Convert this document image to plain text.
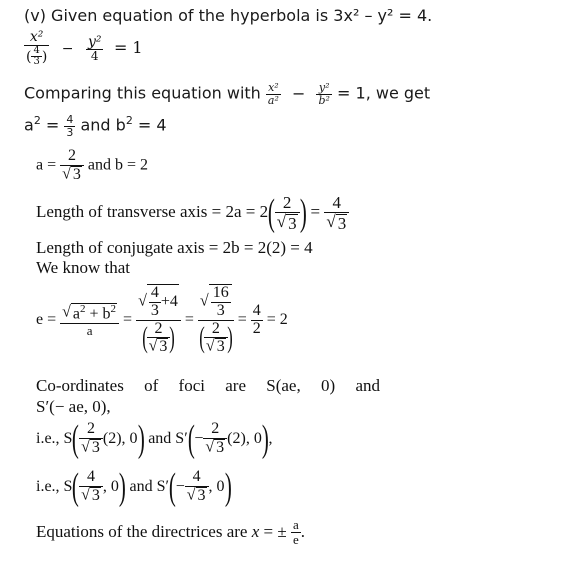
(v) Given equation of the hyperbola is 3x² – y² = 4.
$\frac{\text{x²}}{( \frac{4}{3} )} - \frac{\text{y²}}{4} = 1$
Comparing this equation with $\frac{\text{x²}}{\text{a²}} - \frac{\text{y²}}{\text{b²}} = 1$, we get
$a^2 = \frac{4}{3}$ and $b^2 = 4$
$a = \frac{2}{√ 3}$ and b = 2
Length of transverse axis = $2a = 2( \frac{2}{√ 3}$ ) = $\frac{4}{√ 3}$
Length of conjugate axis = 2b = 2(2) = 4
We know that
$e = \frac{√ a^2 + b^2}{a} = \frac{√ \frac{4}{3} +4}{( \frac{2}{√ 3} )} = \frac{√ \frac{16}{3}}{( \frac{2}{√ 3} )} = \frac{4}{2} = 2$
Co-ordinates of foci are S(ae, 0) and
S′(− ae, 0),
i.e., $S( \frac{2}{√ 3} (2)$, 0) and $S'(- \frac{2}{√ 3} (2)$, 0),
i.e., $S( \frac{4}{√ 3}$ , 0) and $S'(- \frac{4}{√ 3}$ , 0)
Equations of the directrices are x = ± $\frac{a}{e}$ .
